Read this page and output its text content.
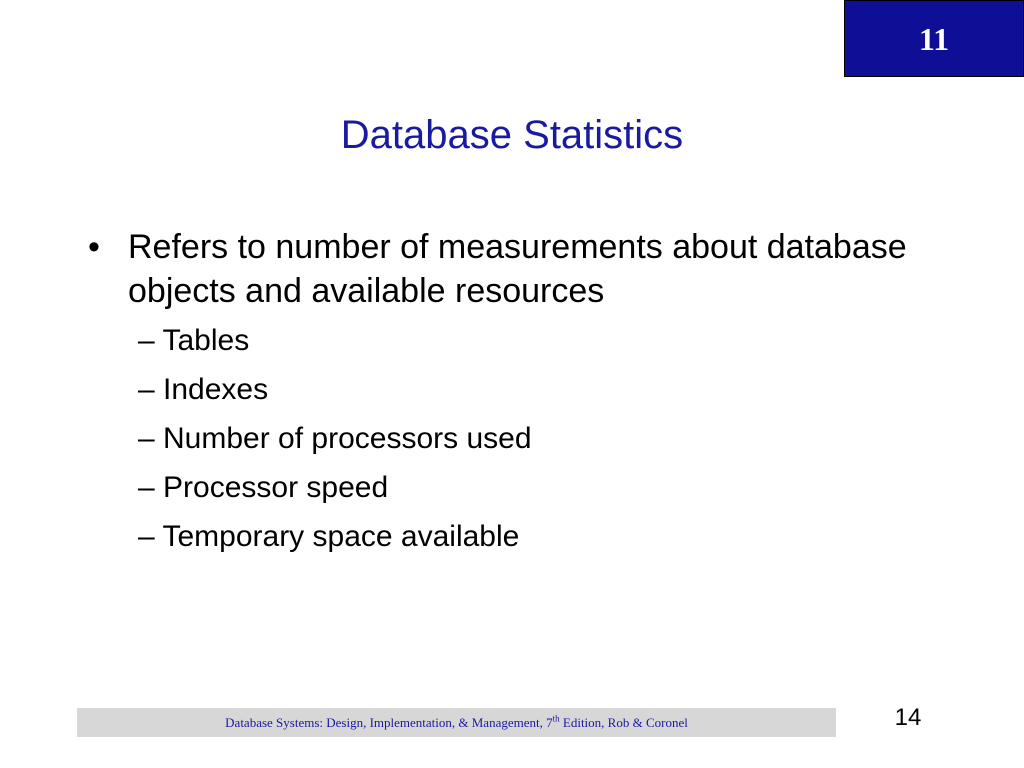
11
Database Statistics
• Refers to number of measurements about database objects and available resources
– Tables
– Indexes
– Number of processors used
– Processor speed
– Temporary space available
Database Systems: Design, Implementation, & Management, 7th Edition, Rob & Coronel	14
